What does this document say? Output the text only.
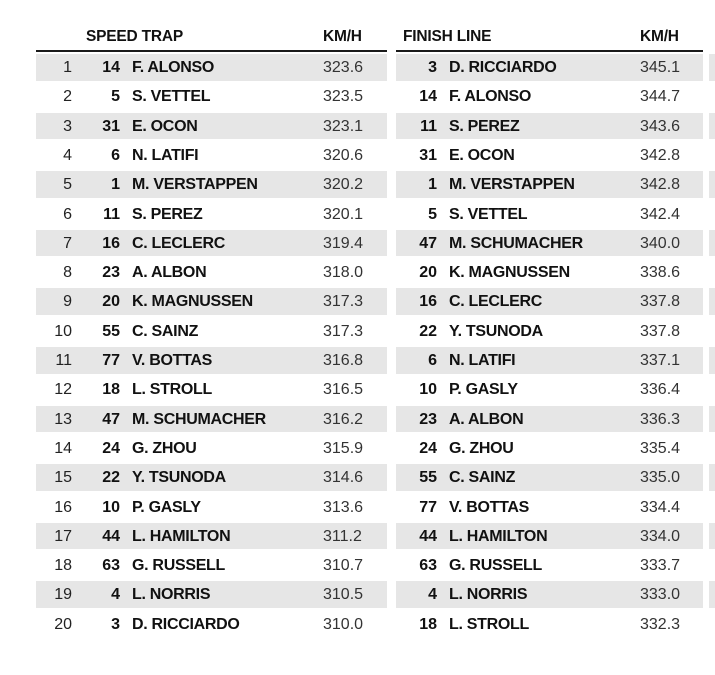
SPEED TRAP	KM/H	FINISH LINE	KM/H
1	14 F. ALONSO	323.6	3 D. RICCIARDO	345.1
2	5 S. VETTEL	323.5	14 F. ALONSO	344.7
3	31 E. OCON	323.1	11 S. PEREZ	343.6
4	6 N. LATIFI	320.6	31 E. OCON	342.8
5	1 M. VERSTAPPEN	320.2	1 M. VERSTAPPEN	342.8
6	11 S. PEREZ	320.1	5 S. VETTEL	342.4
7	16 C. LECLERC	319.4	47 M. SCHUMACHER	340.0
8	23 A. ALBON	318.0	20 K. MAGNUSSEN	338.6
9	20 K. MAGNUSSEN	317.3	16 C. LECLERC	337.8
10	55 C. SAINZ	317.3	22 Y. TSUNODA	337.8
11	77 V. BOTTAS	316.8	6 N. LATIFI	337.1
12	18 L. STROLL	316.5	10 P. GASLY	336.4
13	47 M. SCHUMACHER	316.2	23 A. ALBON	336.3
14	24 G. ZHOU	315.9	24 G. ZHOU	335.4
15	22 Y. TSUNODA	314.6	55 C. SAINZ	335.0
16	10 P. GASLY	313.6	77 V. BOTTAS	334.4
17	44 L. HAMILTON	311.2	44 L. HAMILTON	334.0
18	63 G. RUSSELL	310.7	63 G. RUSSELL	333.7
19	4 L. NORRIS	310.5	4 L. NORRIS	333.0
20	3 D. RICCIARDO	310.0	18 L. STROLL	332.3
